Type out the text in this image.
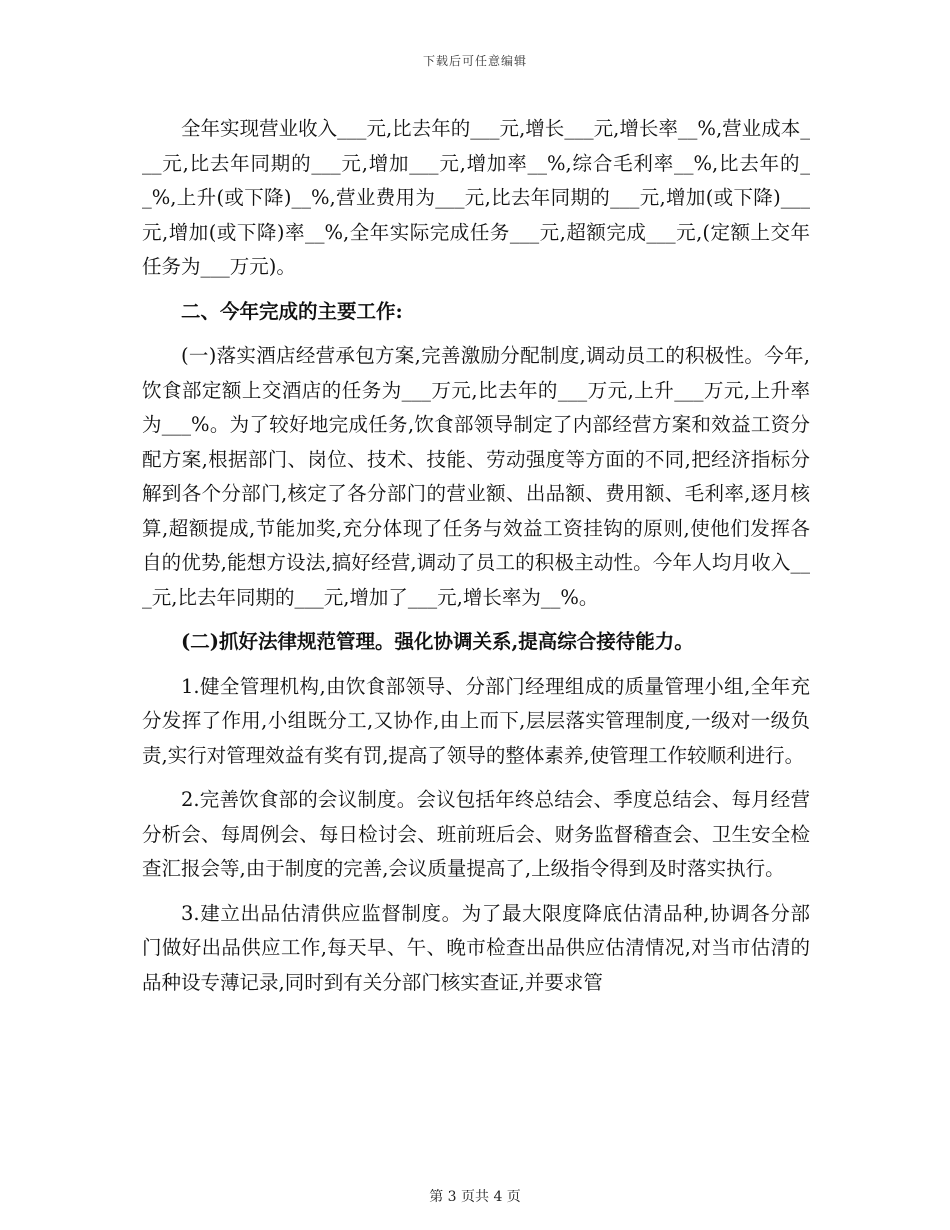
下载后可任意编辑

全年实现营业收入___元,比去年的___元,增长___元,增长率__%,营业成本___元,比去年同期的___元,增加___元,增加率__%,综合毛利率__%,比去年的__%,上升(或下降)__%,营业费用为___元,比去年同期的___元,增加(或下降)___元,增加(或下降)率__%,全年实际完成任务___元,超额完成___元,(定额上交年任务为___万元)。

二、今年完成的主要工作:

(一)落实酒店经营承包方案,完善激励分配制度,调动员工的积极性。今年,饮食部定额上交酒店的任务为___万元,比去年的___万元,上升___万元,上升率为___%。为了较好地完成任务,饮食部领导制定了内部经营方案和效益工资分配方案,根据部门、岗位、技术、技能、劳动强度等方面的不同,把经济指标分解到各个分部门,核定了各分部门的营业额、出品额、费用额、毛利率,逐月核算,超额提成,节能加奖,充分体现了任务与效益工资挂钩的原则,使他们发挥各自的优势,能想方设法,搞好经营,调动了员工的积极主动性。今年人均月收入___元,比去年同期的___元,增加了___元,增长率为__%。

(二)抓好法律规范管理。强化协调关系,提高综合接待能力。

1.健全管理机构,由饮食部领导、分部门经理组成的质量管理小组,全年充分发挥了作用,小组既分工,又协作,由上而下,层层落实管理制度,一级对一级负责,实行对管理效益有奖有罚,提高了领导的整体素养,使管理工作较顺利进行。

2.完善饮食部的会议制度。会议包括年终总结会、季度总结会、每月经营分析会、每周例会、每日检讨会、班前班后会、财务监督稽查会、卫生安全检查汇报会等,由于制度的完善,会议质量提高了,上级指令得到及时落实执行。

3.建立出品估清供应监督制度。为了最大限度降底估清品种,协调各分部门做好出品供应工作,每天早、午、晚市检查出品供应估清情况,对当市估清的品种设专薄记录,同时到有关分部门核实查证,并要求管

第 3 页共 4 页
